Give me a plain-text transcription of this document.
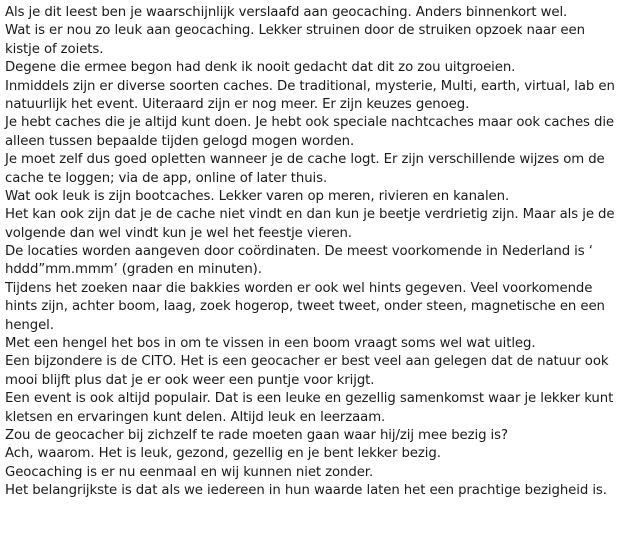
Als je dit leest ben je waarschijnlijk verslaafd aan geocaching. Anders binnenkort wel.

Wat is er nou zo leuk aan geocaching. Lekker struinen door de struiken opzoek naar een
kistje of zoiets.

Degene die ermee begon had denk ik nooit gedacht dat dit zo zou uitgroeien.

Inmiddels zijn er diverse soorten caches. De traditional, mysterie, Multi, earth, virtual, lab en
natuurlijk het event. Uiteraard zijn er nog meer. Er zijn keuzes genoeg.

Je hebt caches die je altijd kunt doen. Je hebt ook speciale nachtcaches maar ook caches die
alleen tussen bepaalde tijden gelogd mogen worden.

Je moet zelf dus goed opletten wanneer je de cache logt. Er zijn verschillende wijzes om de
cache te loggen; via de app, online of later thuis.

Wat ook leuk is zijn bootcaches. Lekker varen op meren, rivieren en kanalen.

Het kan ook zijn dat je de cache niet vindt en dan kun je beetje verdrietig zijn. Maar als je de
volgende dan wel vindt kun je wel het feestje vieren.

De locaties worden aangeven door coördinaten. De meest voorkomende in Nederland is ‘
hddd”mm.mmm’ (graden en minuten).

Tijdens het zoeken naar die bakkies worden er ook wel hints gegeven. Veel voorkomende
hints zijn, achter boom, laag, zoek hogerop, tweet tweet, onder steen, magnetische en een
hengel.

Met een hengel het bos in om te vissen in een boom vraagt soms wel wat uitleg.

Een bijzondere is de CITO. Het is een geocacher er best veel aan gelegen dat de natuur ook
mooi blijft plus dat je er ook weer een puntje voor krijgt.

Een event is ook altijd populair. Dat is een leuke en gezellig samenkomst waar je lekker kunt
kletsen en ervaringen kunt delen. Altijd leuk en leerzaam.

Zou de geocacher bij zichzelf te rade moeten gaan waar hij/zij mee bezig is?

Ach, waarom. Het is leuk, gezond, gezellig en je bent lekker bezig.

Geocaching is er nu eenmaal en wij kunnen niet zonder.

Het belangrijkste is dat als we iedereen in hun waarde laten het een prachtige bezigheid is.
